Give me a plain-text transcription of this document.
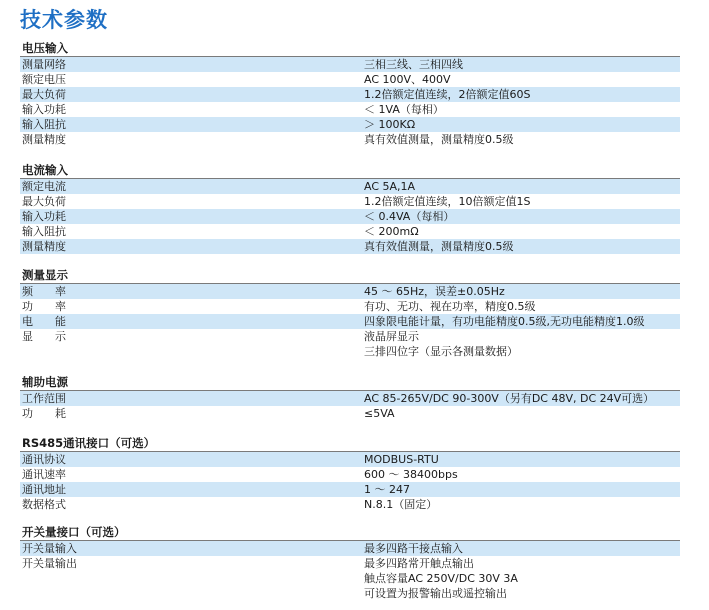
技术参数
电压输入
测量网络	三相三线、三相四线
额定电压	AC 100V、400V
最大负荷	1.2倍额定值连续，2倍额定值60S
输入功耗	＜ 1VA（每相）
输入阻抗	＞ 100KΩ
测量精度	真有效值测量，测量精度0.5级
电流输入
额定电流	AC 5A,1A
最大负荷	1.2倍额定值连续，10倍额定值1S
输入功耗	＜ 0.4VA（每相）
输入阻抗	＜ 200mΩ
测量精度	真有效值测量，测量精度0.5级
测量显示
频　　率	45 ～ 65Hz，误差±0.05Hz
功　　率	有功、无功、视在功率，精度0.5级
电　　能	四象限电能计量，有功电能精度0.5级,无功电能精度1.0级
显　　示	液晶屏显示
三排四位字（显示各测量数据）
辅助电源
工作范围	AC 85-265V/DC 90-300V（另有DC 48V, DC 24V可选）
功　　耗	≤5VA
RS485通讯接口（可选）
通讯协议	MODBUS-RTU
通讯速率	600 ～ 38400bps
通讯地址	1 ～ 247
数据格式	N.8.1（固定）
开关量接口（可选）
开关量输入	最多四路干接点输入
开关量输出	最多四路常开触点输出
触点容量AC 250V/DC 30V 3A
可设置为报警输出或遥控输出
